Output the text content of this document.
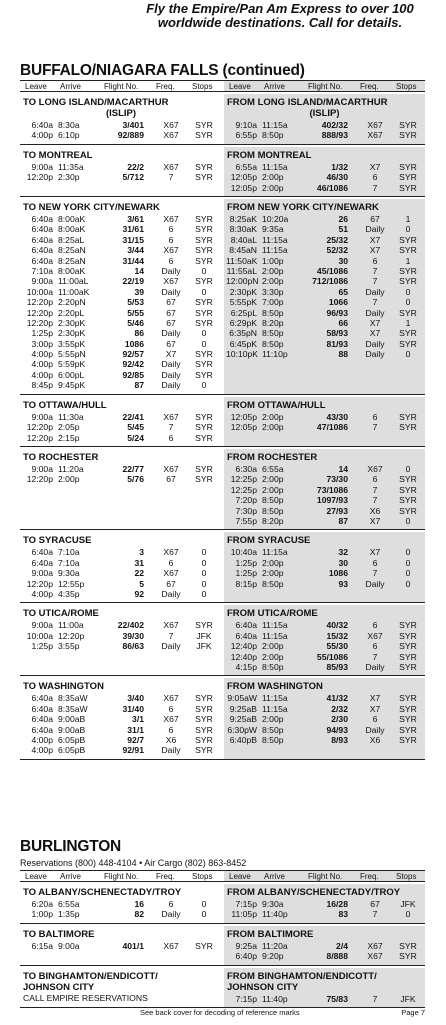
Fly the Empire/Pan Am Express to over 100 worldwide destinations. Call for details.
BUFFALO/NIAGARA FALLS (continued)
Leave Arrive	Flight No. Freq. Stops Leave Arrive	Flight No. Freq. Stops
TO LONG ISLAND/MACARTHUR
(ISLIP)
6:40a 8:30a	3/401	X67	SYR
4:00p 6:10p	92/889	X67	SYR
FROM LONG ISLAND/MACARTHUR
(ISLIP)
9:10a 11:15a	402/32	X67	SYR
6:55p 8:50p	888/93	X67	SYR
TO MONTREAL
9:00a 11:35a	22/2	X67	SYR
12:20p 2:30p	5/712	7	SYR
FROM MONTREAL
6:55a 11:15a	1/32	X7	SYR
12:05p 2:00p	46/30	6	SYR
12:05p 2:00p	46/1086	7	SYR
TO NEW YORK CITY/NEWARK
6:40a 8:00aK	3/61	X67	SYR
6:40a 8:00aK	31/61	6	SYR
6:40a 8:25aL	31/15	6	SYR
6:40a 8:25aN	3/44	X67	SYR
6:40a 8:25aN	31/44	6	SYR
7:10a 8:00aK	14	Daily	0
9:00a 11:00aL	22/19	X67	SYR
10:00a 11:00aK	39	Daily	0
12:20p 2:20pN	5/53	67	SYR
12:20p 2:20pL	5/55	67	SYR
12:20p 2:30pK	5/46	67	SYR
1:25p 2:30pK	86	Daily	0
3:00p 3:55pK	1086	67	0
4:00p 5:55pN	92/57	X7	SYR
4:00p 5:59pK	92/42	Daily	SYR
4:00p 6:00pL	92/85	Daily	SYR
8:45p 9:45pK	87	Daily	0
FROM NEW YORK CITY/NEWARK
8:25aK 10:20a	26	67	1
8:30aK 9:35a	51	Daily	0
8:40aL 11:15a	25/32	X7	SYR
8:45aN 11:15a	52/32	X7	SYR
11:50aK 1:00p	30	6	1
11:55aL 2:00p	45/1086	7	SYR
12:00pN 2:00p	712/1086	7	SYR
2:30pK 3:30p	65	Daily	0
5:55pK 7:00p	1066	7	0
6:25pL 8:50p	96/93	Daily	SYR
6:29pK 8:20p	66	X7	1
6:35pN 8:50p	58/93	X7	SYR
6:45pK 8:50p	81/93	Daily	SYR
10:10pK 11:10p	88	Daily	0
TO OTTAWA/HULL
9:00a 11:30a	22/41	X67	SYR
12:20p 2:05p	5/45	7	SYR
12:20p 2:15p	5/24	6	SYR
FROM OTTAWA/HULL
12:05p 2:00p	43/30	6	SYR
12:05p 2:00p	47/1086	7	SYR
TO ROCHESTER
9:00a 11:20a	22/77	X67	SYR
12:20p 2:00p	5/76	67	SYR
FROM ROCHESTER
6:30a 6:55a	14	X67	0
12:25p 2:00p	73/30	6	SYR
12:25p 2:00p	73/1086	7	SYR
7:20p 8:50p	1097/93	7	SYR
7:30p 8:50p	27/93	X6	SYR
7:55p 8:20p	87	X7	0
TO SYRACUSE
6:40a 7:10a	3	X67	0
6:40a 7:10a	31	6	0
9:00a 9:30a	22	X67	0
12:20p 12:55p	5	67	0
4:00p 4:35p	92	Daily	0
FROM SYRACUSE
10:40a 11:15a	32	X7	0
1:25p 2:00p	30	6	0
1:25p 2:00p	1086	7	0
8:15p 8:50p	93	Daily	0
TO UTICA/ROME
9:00a 11:00a	22/402	X67	SYR
10:00a 12:20p	39/30	7	JFK
1:25p 3:55p	86/63	Daily	JFK
FROM UTICA/ROME
6:40a 11:15a	40/32	6	SYR
6:40a 11:15a	15/32	X67	SYR
12:40p 2:00p	55/30	6	SYR
12:40p 2:00p	55/1086	7	SYR
4:15p 8:50p	85/93	Daily	SYR
TO WASHINGTON
6:40a 8:35aW	3/40	X67	SYR
6:40a 8:35aW	31/40	6	SYR
6:40a 9:00aB	3/1	X67	SYR
6:40a 9:00aB	31/1	6	SYR
4:00p 6:05pB	92/7	X6	SYR
4:00p 6:05pB	92/91	Daily	SYR
FROM WASHINGTON
9:05aW 11:15a	41/32	X7	SYR
9:25aB 11:15a	2/32	X7	SYR
9:25aB 2:00p	2/30	6	SYR
6:30pW 8:50p	94/93	Daily	SYR
6:40pB 8:50p	8/93	X6	SYR
BURLINGTON
Reservations (800) 448-4104 • Air Cargo (802) 863-8452
Leave Arrive	Flight No. Freq. Stops Leave Arrive	Flight No. Freq. Stops
TO ALBANY/SCHENECTADY/TROY
6:20a 6:55a	16	6	0
1:00p 1:35p	82	Daily	0
FROM ALBANY/SCHENECTADY/TROY
7:15p 9:30a	16/28	67	JFK
11:05p 11:40p	83	7	0
TO BALTIMORE
6:15a 9:00a	401/1	X67	SYR
FROM BALTIMORE
9:25a 11:20a	2/4	X67	SYR
6:40p 9:20p	8/888	X67	SYR
TO BINGHAMTON/ENDICOTT/
JOHNSON CITY
CALL EMPIRE RESERVATIONS
FROM BINGHAMTON/ENDICOTT/
JOHNSON CITY
7:15p 11:40p	75/83	7	JFK
See back cover for decoding of reference marks	Page 7
